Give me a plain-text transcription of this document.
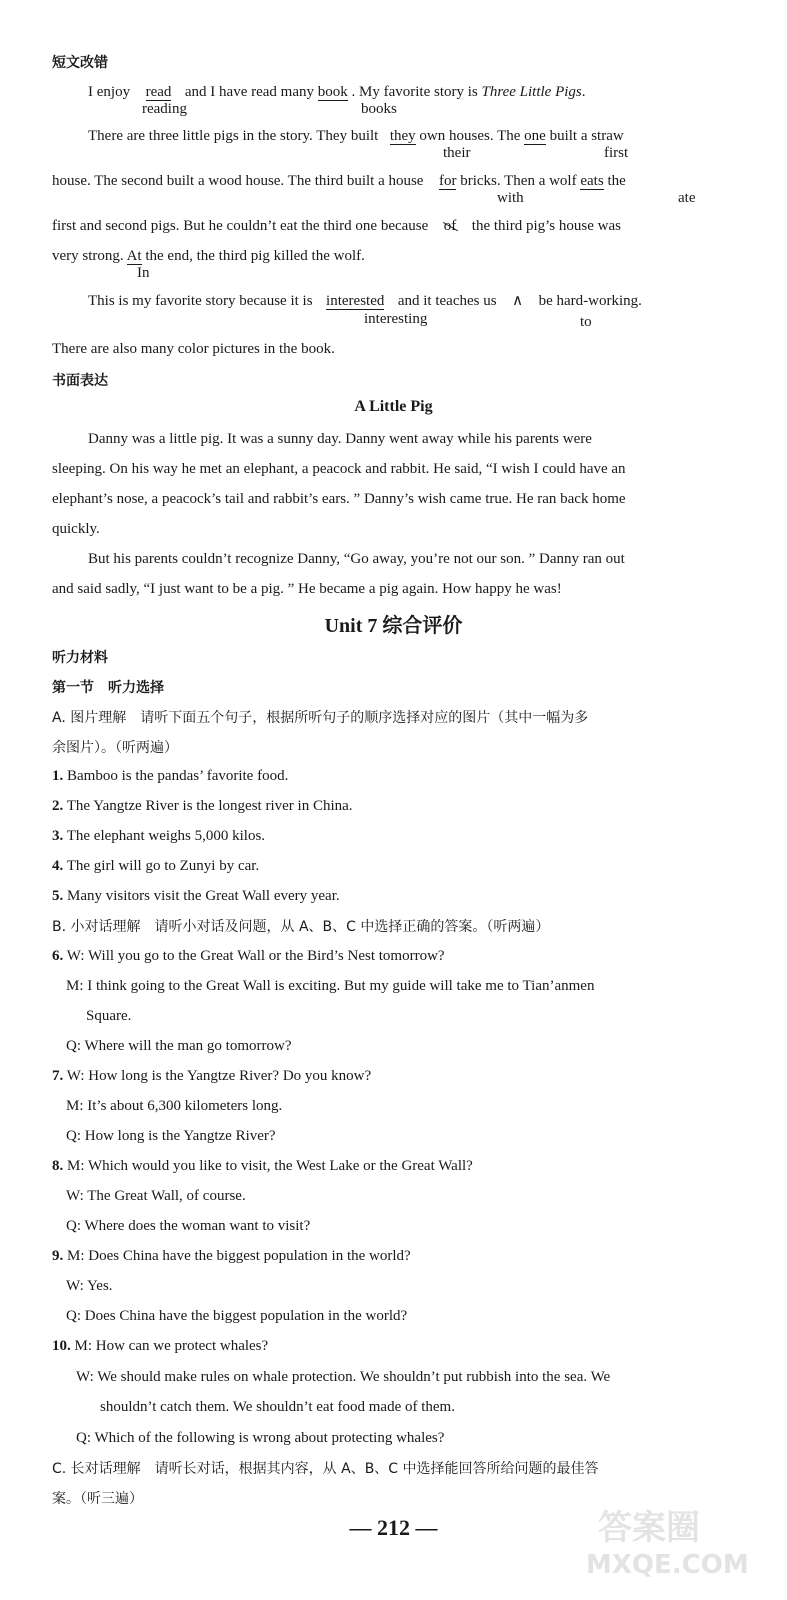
短文改错
I enjoy read and I have read many book . My favorite story is Three Little Pigs.
reading	books
There are three little pigs in the story. They built they own houses. The one built a straw
their	first
house. The second built a wood house. The third built a house for bricks. Then a wolf eats the
with	ate
first and second pigs. But he couldn’t eat the third one because of the third pig’s house was
very strong. At the end, the third pig killed the wolf.
In
This is my favorite story because it is interested and it teaches us ∧ be hard-working.
interesting	to
There are also many color pictures in the book.
书面表达
A Little Pig
Danny was a little pig. It was a sunny day. Danny went away while his parents were
sleeping. On his way he met an elephant, a peacock and rabbit. He said, “I wish I could have an
elephant’s nose, a peacock’s tail and rabbit’s ears. ” Danny’s wish came true. He ran back home
quickly.
But his parents couldn’t recognize Danny, “Go away, you’re not our son. ” Danny ran out
and said sadly, “I just want to be a pig. ” He became a pig again. How happy he was!
Unit 7 综合评价
听力材料
第一节　听力选择
A. 图片理解　请听下面五个句子，根据所听句子的顺序选择对应的图片（其中一幅为多
余图片）。（听两遍）
1. Bamboo is the pandas’ favorite food.
2. The Yangtze River is the longest river in China.
3. The elephant weighs 5,000 kilos.
4. The girl will go to Zunyi by car.
5. Many visitors visit the Great Wall every year.
B. 小对话理解　请听小对话及问题，从 A、B、C 中选择正确的答案。（听两遍）
6. W: Will you go to the Great Wall or the Bird’s Nest tomorrow?
M: I think going to the Great Wall is exciting. But my guide will take me to Tian’anmen
Square.
Q: Where will the man go tomorrow?
7. W: How long is the Yangtze River? Do you know?
M: It’s about 6,300 kilometers long.
Q: How long is the Yangtze River?
8. M: Which would you like to visit, the West Lake or the Great Wall?
W: The Great Wall, of course.
Q: Where does the woman want to visit?
9. M: Does China have the biggest population in the world?
W: Yes.
Q: Does China have the biggest population in the world?
10. M: How can we protect whales?
W: We should make rules on whale protection. We shouldn’t put rubbish into the sea. We
shouldn’t catch them. We shouldn’t eat food made of them.
Q: Which of the following is wrong about protecting whales?
C. 长对话理解　请听长对话，根据其内容，从 A、B、C 中选择能回答所给问题的最佳答
案。（听三遍）
— 212 —	答案圈
MXQE.COM
